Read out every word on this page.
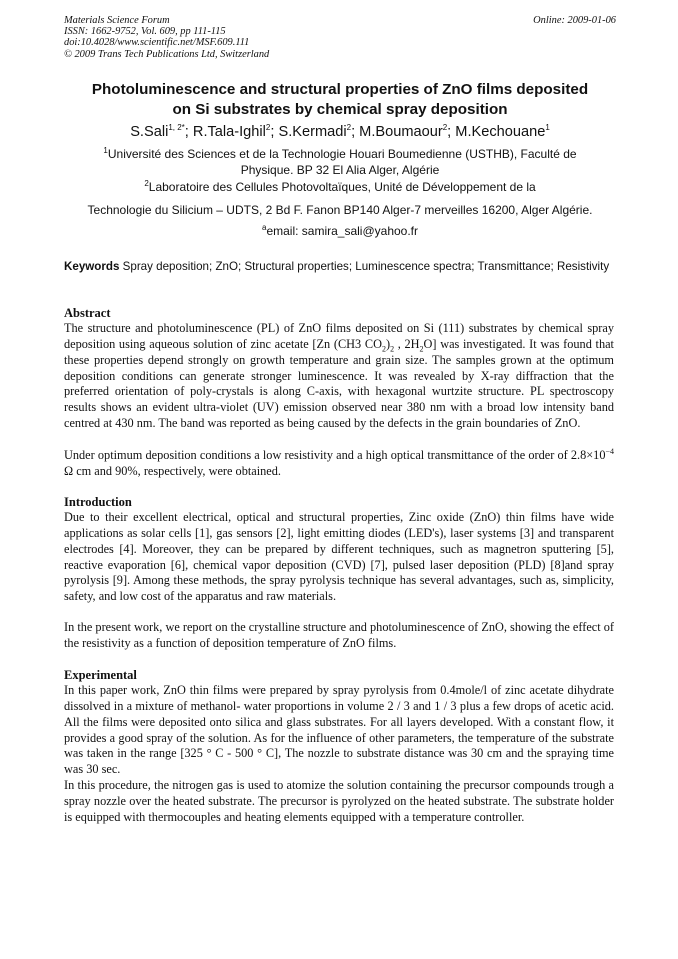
Materials Science Forum
ISSN: 1662-9752, Vol. 609, pp 111-115
doi:10.4028/www.scientific.net/MSF.609.111
© 2009 Trans Tech Publications Ltd, Switzerland
Online: 2009-01-06
Photoluminescence and structural properties of ZnO films deposited
on Si substrates by chemical spray deposition
S.Sali$^{1, 2*}$; R.Tala-Ighil$^2$; S.Kermadi$^2$; M.Boumaour$^2$; M.Kechouane$^1$
$^1$Université des Sciences et de la Technologie Houari Boumedienne (USTHB), Faculté de
Physique. BP 32 El Alia Alger, Algérie
$^2$Laboratoire des Cellules Photovoltaïques, Unité de Développement de la
Technologie du Silicium – UDTS, 2 Bd F. Fanon BP140 Alger-7 merveilles 16200, Alger Algérie.
$^a$email: samira_sali@yahoo.fr
Keywords Spray deposition; ZnO; Structural properties; Luminescence spectra; Transmittance; Resistivity
Abstract
The structure and photoluminescence (PL) of ZnO films deposited on Si (111) substrates by chemical spray deposition using aqueous solution of zinc acetate [Zn (CH3 $CO_2)_2$ , $2H_2O$] was investigated. It was found that these properties depend strongly on growth temperature and grain size. The samples grown at the optimum deposition conditions can generate stronger luminescence. It was revealed by X-ray diffraction that the preferred orientation of poly-crystals is along C-axis, with hexagonal wurtzite structure. PL spectroscopy results shows an evident ultra-violet (UV) emission observed near 380 nm with a broad low intensity band centred at 430 nm. The band was reported as being caused by the defects in the grain boundaries of ZnO.
Under optimum deposition conditions a low resistivity and a high optical transmittance of the order of $2.8\times 10^{-4}$ Ω cm and 90%, respectively, were obtained.
Introduction
Due to their excellent electrical, optical and structural properties, Zinc oxide (ZnO) thin films have wide applications as solar cells [1], gas sensors [2], light emitting diodes (LED's), laser systems [3] and transparent electrodes [4]. Moreover, they can be prepared by different techniques, such as magnetron sputtering [5], reactive evaporation [6], chemical vapor deposition (CVD) [7], pulsed laser deposition (PLD) [8]and spray pyrolysis [9]. Among these methods, the spray pyrolysis technique has several advantages, such as, simplicity, safety, and low cost of the apparatus and raw materials.
In the present work, we report on the crystalline structure and photoluminescence of ZnO, showing the effect of the resistivity as a function of deposition temperature of ZnO films.
Experimental
In this paper work, ZnO thin films were prepared by spray pyrolysis from 0.4mole/l of zinc acetate dihydrate dissolved in a mixture of methanol- water proportions in volume 2 / 3 and 1 / 3 plus a few drops of acetic acid. All the films were deposited onto silica and glass substrates. For all layers developed. With a constant flow, it provides a good spray of the solution. As for the influence of other parameters, the temperature of the substrate was taken in the range [325 ° C - 500 ° C], The nozzle to substrate distance was 30 cm and the spraying time was 30 sec.
In this procedure, the nitrogen gas is used to atomize the solution containing the precursor compounds trough a spray nozzle over the heated substrate. The precursor is pyrolyzed on the heated substrate. The substrate holder is equipped with thermocouples and heating elements equipped with a temperature controller.
